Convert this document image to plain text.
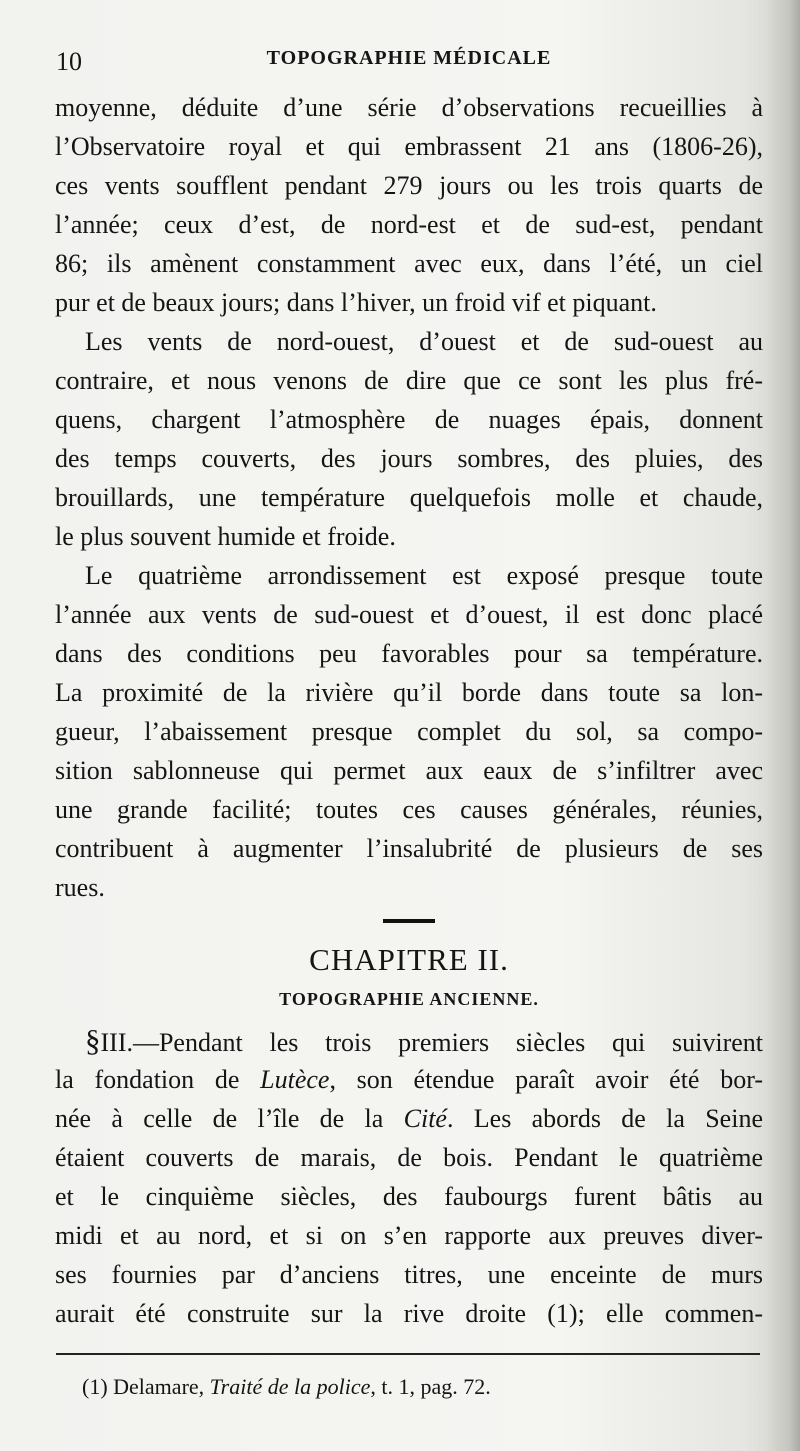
10	TOPOGRAPHIE MÉDICALE
moyenne, déduite d’une série d’observations recueillies à
l’Observatoire royal et qui embrassent 21 ans (1806-26),
ces vents soufflent pendant 279 jours ou les trois quarts de
l’année; ceux d’est, de nord-est et de sud-est, pendant
86; ils amènent constamment avec eux, dans l’été, un ciel
pur et de beaux jours; dans l’hiver, un froid vif et piquant.
Les vents de nord-ouest, d’ouest et de sud-ouest au
contraire, et nous venons de dire que ce sont les plus fré-
quens, chargent l’atmosphère de nuages épais, donnent
des temps couverts, des jours sombres, des pluies, des
brouillards, une température quelquefois molle et chaude,
le plus souvent humide et froide.
Le quatrième arrondissement est exposé presque toute
l’année aux vents de sud-ouest et d’ouest, il est donc placé
dans des conditions peu favorables pour sa température.
La proximité de la rivière qu’il borde dans toute sa lon-
gueur, l’abaissement presque complet du sol, sa compo-
sition sablonneuse qui permet aux eaux de s’infiltrer avec
une grande facilité; toutes ces causes générales, réunies,
contribuent à augmenter l’insalubrité de plusieurs de ses
rues.
CHAPITRE II.
TOPOGRAPHIE ANCIENNE.
§III.—Pendant les trois premiers siècles qui suivirent
la fondation de Lutèce, son étendue paraît avoir été bor-
née à celle de l’île de la Cité. Les abords de la Seine
étaient couverts de marais, de bois. Pendant le quatrième
et le cinquième siècles, des faubourgs furent bâtis au
midi et au nord, et si on s’en rapporte aux preuves diver-
ses fournies par d’anciens titres, une enceinte de murs
aurait été construite sur la rive droite (1); elle commen-
(1) Delamare, Traité de la police, t. 1, pag. 72.
